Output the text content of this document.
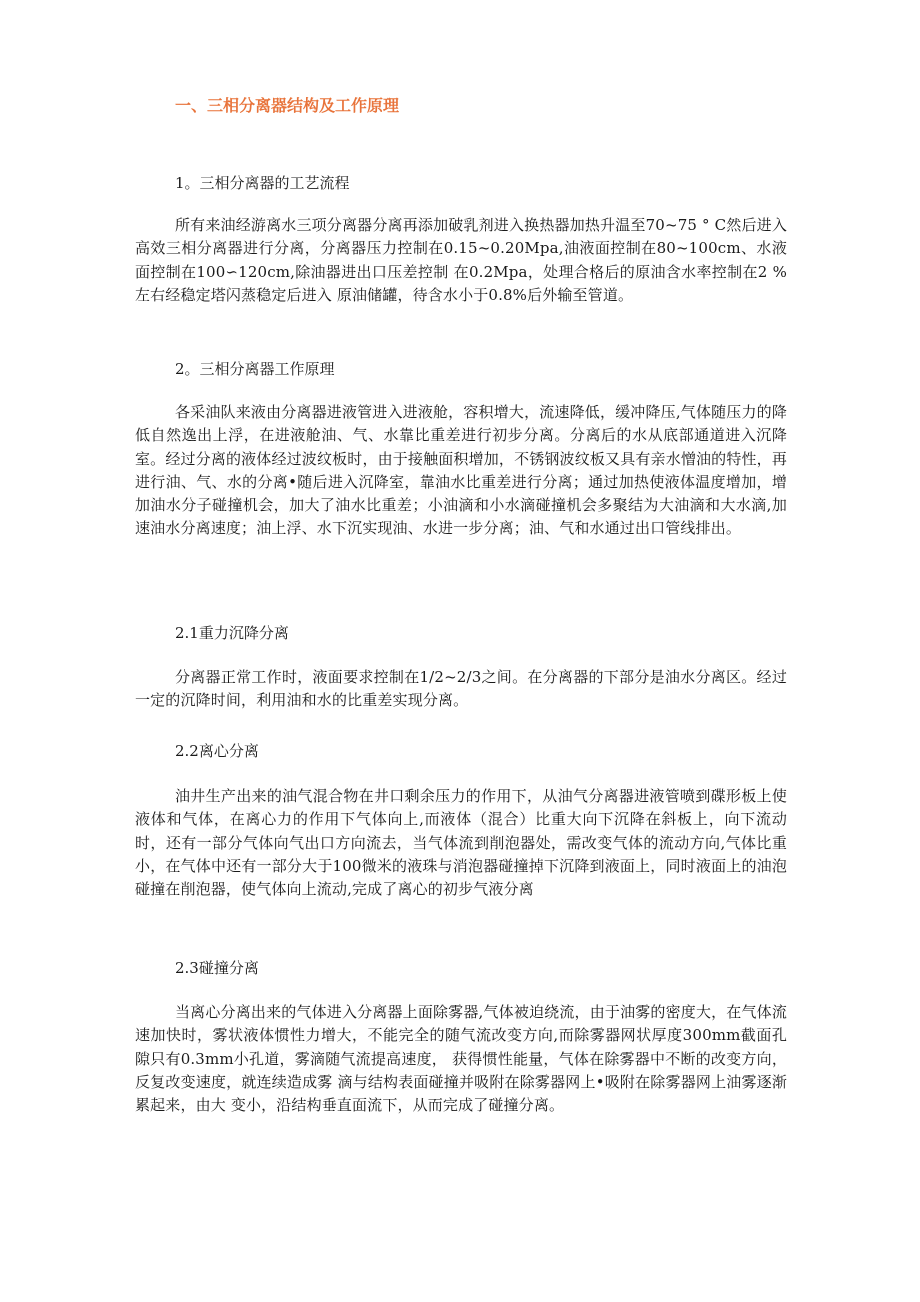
一、三相分离器结构及工作原理
1。三相分离器的工艺流程

所有来油经游离水三项分离器分离再添加破乳剂进入换热器加热升温至70~75 ° C然后进入高效三相分离器进行分离，分离器压力控制在0.15~0.20Mpa,油液面控制在80~100cm、水液面控制在100∽120cm,除油器进出口压差控制 在0.2Mpa，处理合格后的原油含水率控制在2 %左右经稳定塔闪蒸稳定后进入 原油储罐，待含水小于0.8%后外输至管道。

2。三相分离器工作原理

各采油队来液由分离器进液管进入进液舱，容积增大，流速降低，缓冲降压,气体随压力的降低自然逸出上浮，在进液舱油、气、水靠比重差进行初步分离。分离后的水从底部通道进入沉降室。经过分离的液体经过波纹板时，由于接触面积增加，不锈钢波纹板又具有亲水憎油的特性，再进行油、气、水的分离•随后进入沉降室，靠油水比重差进行分离；通过加热使液体温度增加，增加油水分子碰撞机会，加大了油水比重差；小油滴和小水滴碰撞机会多聚结为大油滴和大水滴,加速油水分离速度；油上浮、水下沉实现油、水进一步分离；油、气和水通过出口管线排出。

2.1重力沉降分离

分离器正常工作时，液面要求控制在1/2~2/3之间。在分离器的下部分是油水分离区。经过一定的沉降时间，利用油和水的比重差实现分离。

2.2离心分离

油井生产出来的油气混合物在井口剩余压力的作用下，从油气分离器进液管喷到碟形板上使液体和气体，在离心力的作用下气体向上,而液体（混合）比重大向下沉降在斜板上，向下流动时，还有一部分气体向气出口方向流去，当气体流到削泡器处，需改变气体的流动方向,气体比重小，在气体中还有一部分大于100微米的液珠与消泡器碰撞掉下沉降到液面上，同时液面上的油泡碰撞在削泡器，使气体向上流动,完成了离心的初步气液分离

2.3碰撞分离

当离心分离出来的气体进入分离器上面除雾器,气体被迫绕流，由于油雾的密度大，在气体流速加快时，雾状液体惯性力增大，不能完全的随气流改变方向,而除雾器网状厚度300mm截面孔隙只有0.3mm小孔道，雾滴随气流提高速度， 获得惯性能量，气体在除雾器中不断的改变方向，反复改变速度，就连续造成雾 滴与结构表面碰撞并吸附在除雾器网上•吸附在除雾器网上油雾逐渐累起来，由大 变小，沿结构垂直面流下，从而完成了碰撞分离。
